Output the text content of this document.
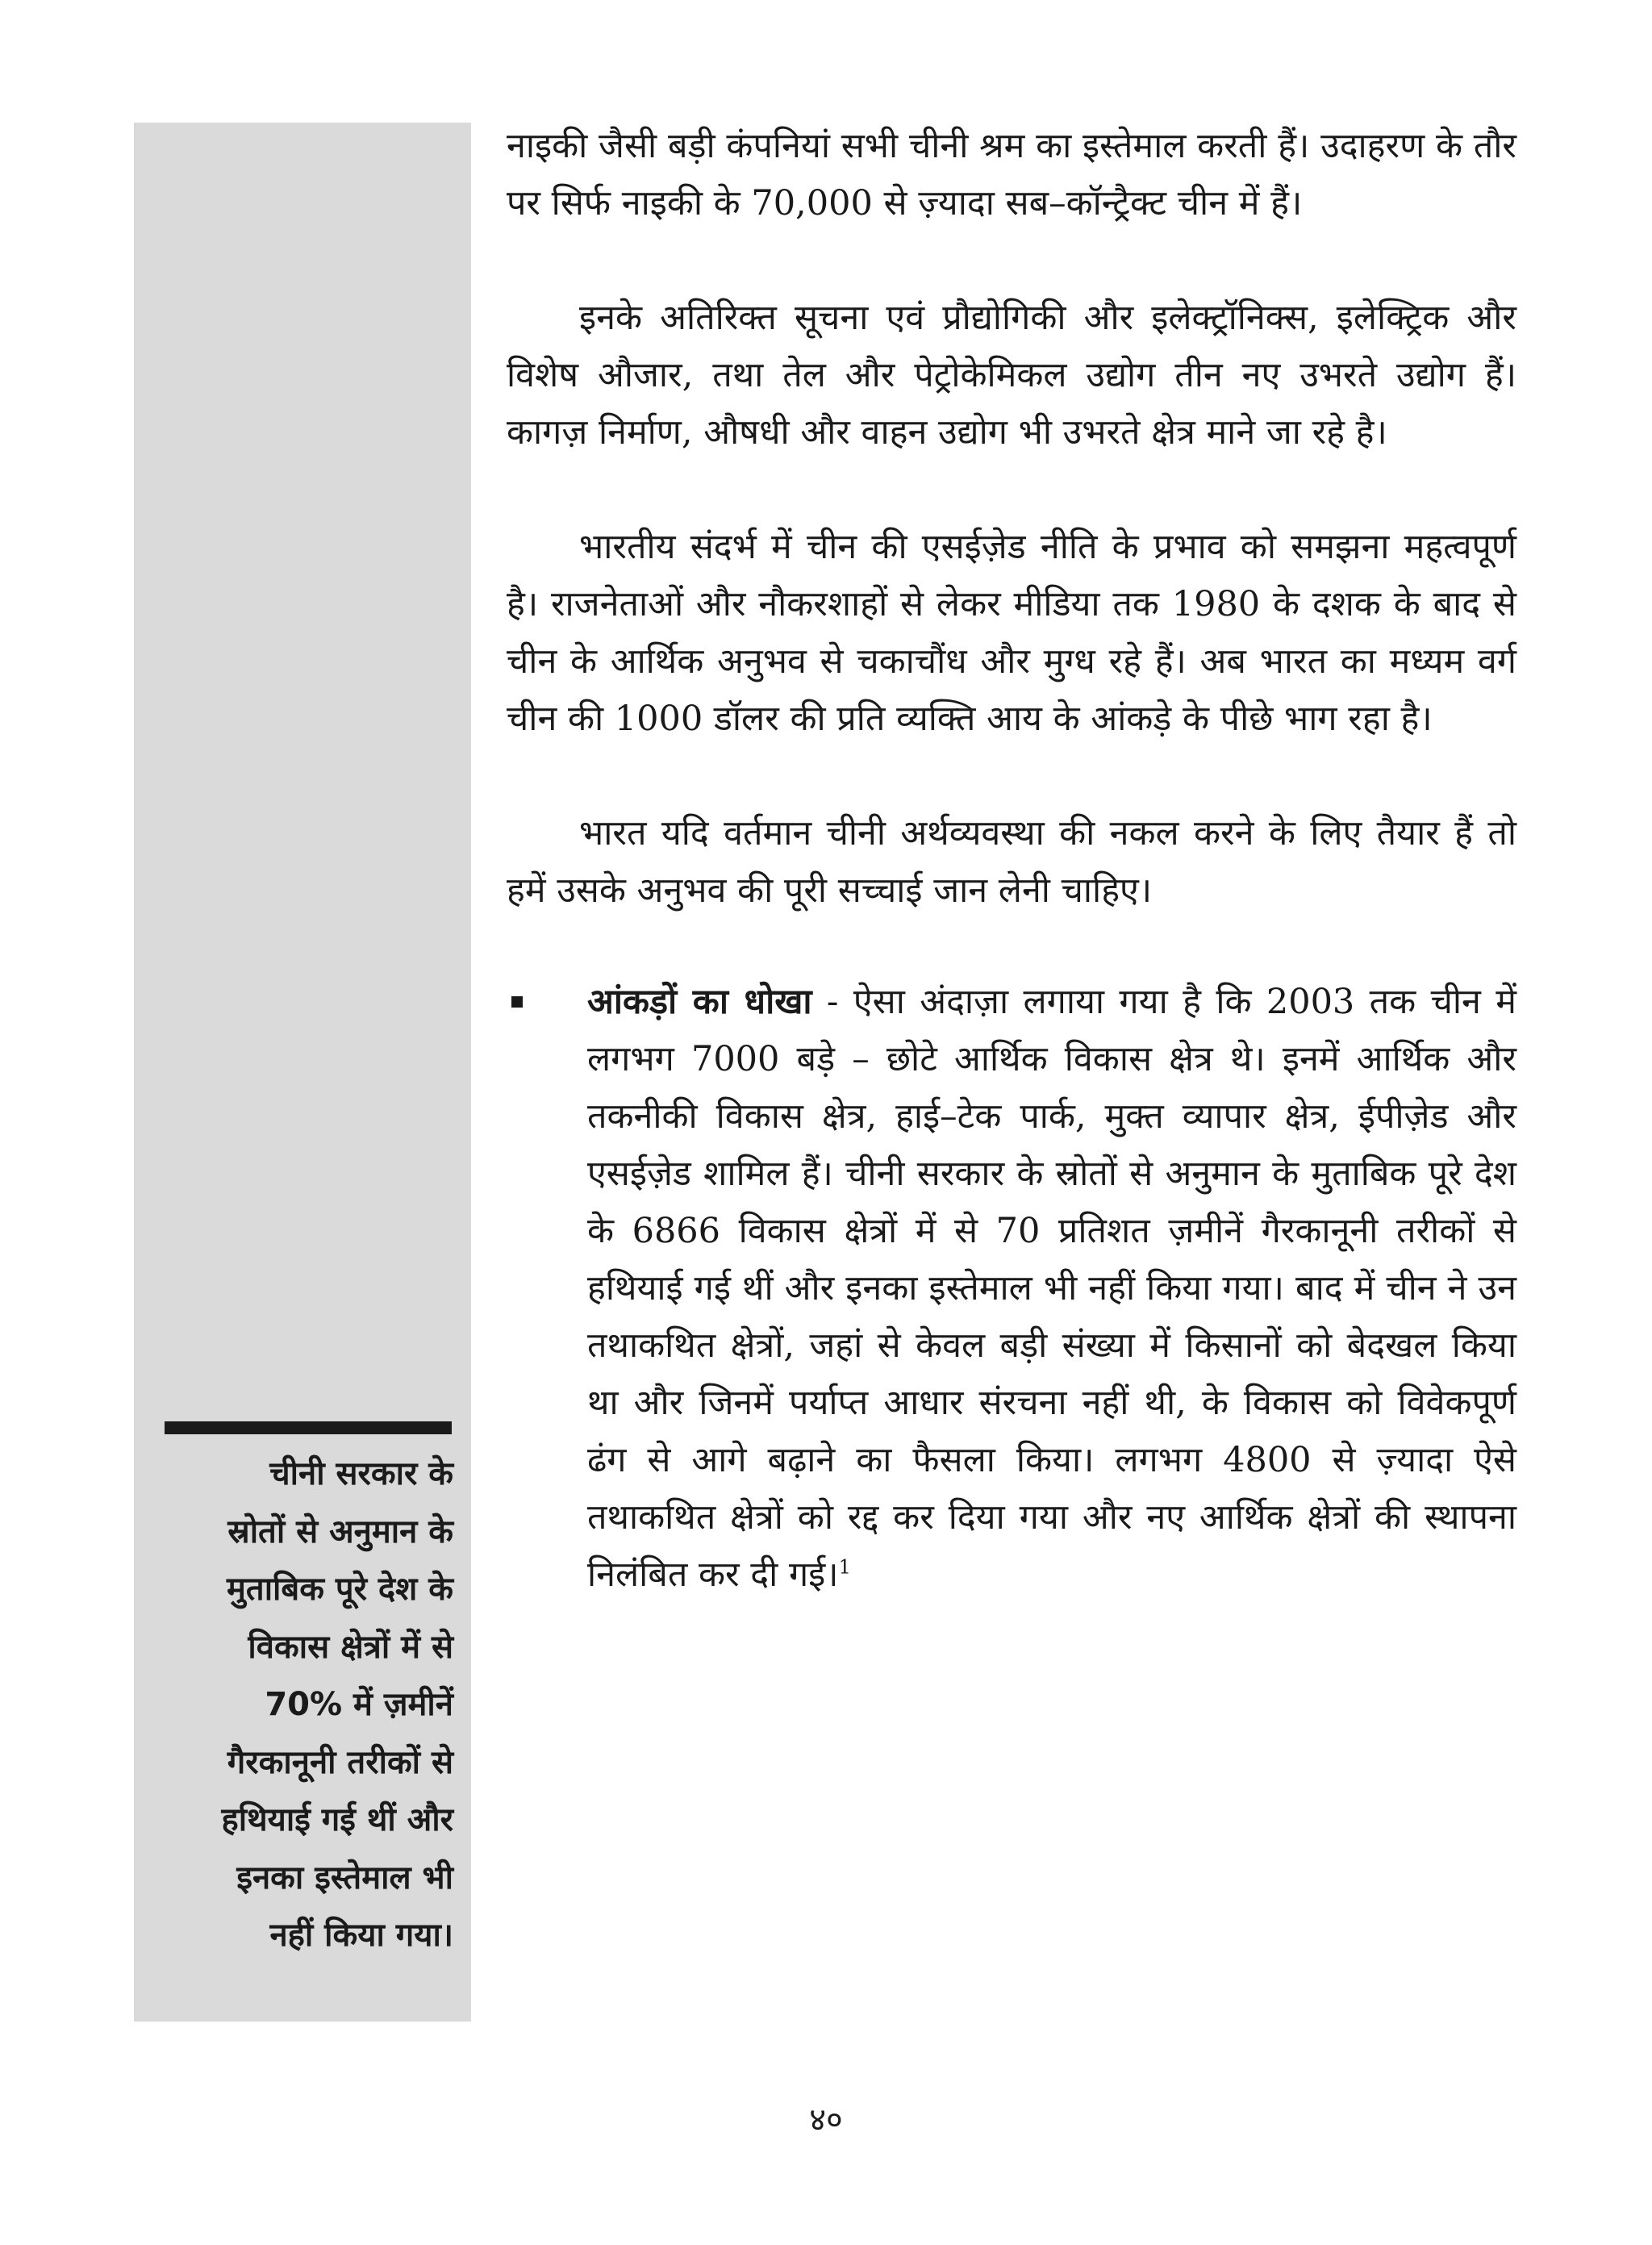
चीनी सरकार के
स्रोतों से अनुमान के
मुताबिक पूरे देश के
विकास क्षेत्रों में से
70% में ज़मीनें
गैरकानूनी तरीकों से
हथियाई गई थीं और
इनका इस्तेमाल भी
नहीं किया गया।

नाइकी जैसी बड़ी कंपनियां सभी चीनी श्रम का इस्तेमाल करती हैं। उदाहरण के तौर पर सिर्फ नाइकी के 70,000 से ज़्यादा सब–कॉन्ट्रैक्ट चीन में हैं।

इनके अतिरिक्त सूचना एवं प्रौद्योगिकी और इलेक्ट्रॉनिक्स, इलेक्ट्रिक और विशेष औजार, तथा तेल और पेट्रोकेमिकल उद्योग तीन नए उभरते उद्योग हैं। कागज़ निर्माण, औषधी और वाहन उद्योग भी उभरते क्षेत्र माने जा रहे है।

भारतीय संदर्भ में चीन की एसईज़ेड नीति के प्रभाव को समझना महत्वपूर्ण है। राजनेताओं और नौकरशाहों से लेकर मीडिया तक 1980 के दशक के बाद से चीन के आर्थिक अनुभव से चकाचौंध और मुग्ध रहे हैं। अब भारत का मध्यम वर्ग चीन की 1000 डॉलर की प्रति व्यक्ति आय के आंकड़े के पीछे भाग रहा है।

भारत यदि वर्तमान चीनी अर्थव्यवस्था की नकल करने के लिए तैयार हैं तो हमें उसके अनुभव की पूरी सच्चाई जान लेनी चाहिए।

आंकड़ों का धोखा - ऐसा अंदाज़ा लगाया गया है कि 2003 तक चीन में लगभग 7000 बड़े – छोटे आर्थिक विकास क्षेत्र थे। इनमें आर्थिक और तकनीकी विकास क्षेत्र, हाई–टेक पार्क, मुक्त व्यापार क्षेत्र, ईपीज़ेड और एसईज़ेड शामिल हैं। चीनी सरकार के स्रोतों से अनुमान के मुताबिक पूरे देश के 6866 विकास क्षेत्रों में से 70 प्रतिशत ज़मीनें गैरकानूनी तरीकों से हथियाई गई थीं और इनका इस्तेमाल भी नहीं किया गया। बाद में चीन ने उन तथाकथित क्षेत्रों, जहां से केवल बड़ी संख्या में किसानों को बेदखल किया था और जिनमें पर्याप्त आधार संरचना नहीं थी, के विकास को विवेकपूर्ण ढंग से आगे बढ़ाने का फैसला किया। लगभग 4800 से ज़्यादा ऐसे तथाकथित क्षेत्रों को रद्द कर दिया गया और नए आर्थिक क्षेत्रों की स्थापना निलंबित कर दी गई।$^1$
४०
